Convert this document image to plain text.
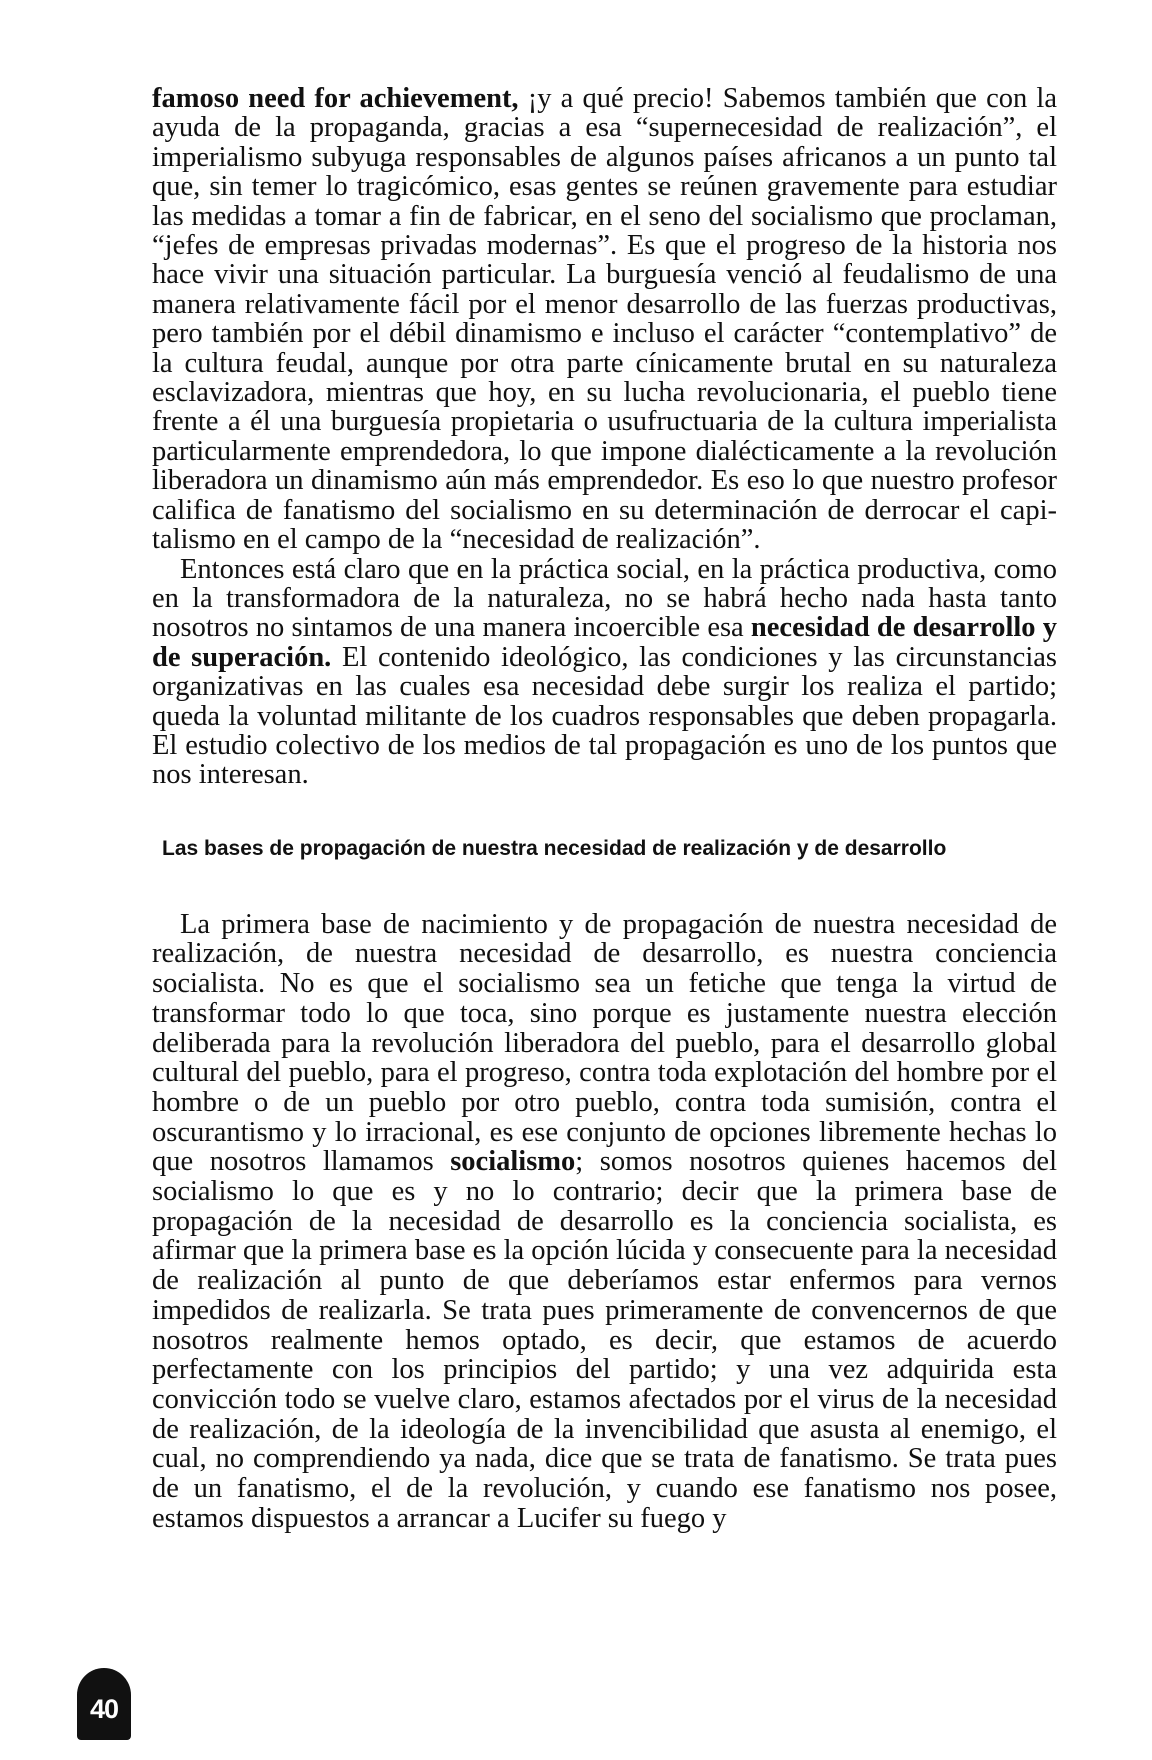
famoso need for achievement, ¡y a qué precio! Sabemos también que con la ayuda de la propaganda, gracias a esa “supernecesidad de realización”, el imperialismo subyuga responsables de algunos países africanos a un punto tal que, sin temer lo tragicómico, esas gentes se reúnen gravemente para estudiar las medidas a tomar a fin de fabricar, en el seno del socialismo que proclaman, “jefes de empresas privadas modernas”. Es que el progreso de la historia nos hace vivir una situación particular. La burguesía venció al feudalismo de una manera relativamente fácil por el menor desarrollo de las fuerzas productivas, pero también por el débil dinamismo e incluso el carácter “contemplativo” de la cultura feudal, aunque por otra parte cínicamente brutal en su naturaleza esclavizadora, mientras que hoy, en su lucha revolucionaria, el pueblo tiene frente a él una burguesía propietaria o usufructuaria de la cultura imperialista particularmente emprendedora, lo que impone dialécticamente a la revolución liberadora un dinamismo aún más emprendedor. Es eso lo que nuestro profesor califica de fanatismo del socialismo en su determinación de derrocar el capitalismo en el campo de la “necesidad de realización”.

Entonces está claro que en la práctica social, en la práctica productiva, como en la transformadora de la naturaleza, no se habrá hecho nada hasta tanto nosotros no sintamos de una manera incoercible esa necesidad de desarrollo y de superación. El contenido ideológico, las condiciones y las circunstancias organizativas en las cuales esa necesidad debe surgir los realiza el partido; queda la voluntad militante de los cuadros responsables que deben propagarla. El estudio colectivo de los medios de tal propagación es uno de los puntos que nos interesan.

Las bases de propagación de nuestra necesidad de realización y de desarrollo

La primera base de nacimiento y de propagación de nuestra necesidad de realización, de nuestra necesidad de desarrollo, es nuestra conciencia socialista. No es que el socialismo sea un fetiche que tenga la virtud de transformar todo lo que toca, sino porque es justamente nuestra elección deliberada para la revolución liberadora del pueblo, para el desarrollo global cultural del pueblo, para el progreso, contra toda explotación del hombre por el hombre o de un pueblo por otro pueblo, contra toda sumisión, contra el oscurantismo y lo irracional, es ese conjunto de opciones libremente hechas lo que nosotros llamamos socialismo; somos nosotros quienes hacemos del socialismo lo que es y no lo contrario; decir que la primera base de propagación de la necesidad de desarrollo es la conciencia socialista, es afirmar que la primera base es la opción lúcida y consecuente para la necesidad de realización al punto de que deberíamos estar enfermos para vernos impedidos de realizarla. Se trata pues primeramente de convencernos de que nosotros realmente hemos optado, es decir, que estamos de acuerdo perfectamente con los principios del partido; y una vez adquirida esta convicción todo se vuelve claro, estamos afectados por el virus de la necesidad de realización, de la ideología de la invencibilidad que asusta al enemigo, el cual, no comprendiendo ya nada, dice que se trata de fanatismo. Se trata pues de un fanatismo, el de la revolución, y cuando ese fanatismo nos posee, estamos dispuestos a arrancar a Lucifer su fuego y

40
